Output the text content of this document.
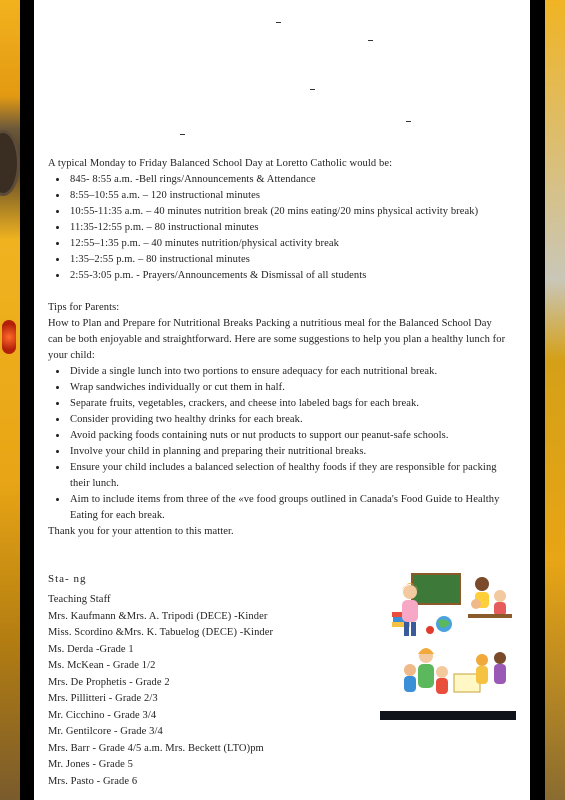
A typical Monday to Friday Balanced School Day at Loretto Catholic would be:

• 845- 8:55 a.m. -Bell rings/Announcements & Attendance
• 8:55–10:55 a.m. – 120 instructional minutes
• 10:55-11:35 a.m. – 40 minutes nutrition break (20 mins eating/20 mins physical activity break)
• 11:35-12:55 p.m. – 80 instructional minutes
• 12:55–1:35 p.m. – 40 minutes nutrition/physical activity break
• 1:35–2:55 p.m. – 80 instructional minutes
• 2:55-3:05 p.m. - Prayers/Announcements & Dismissal of all students

Tips for Parents:

How to Plan and Prepare for Nutritional Breaks Packing a nutritious meal for the Balanced School Day can be both enjoyable and straightforward. Here are some suggestions to help you plan a healthy lunch for your child:

• Divide a single lunch into two portions to ensure adequacy for each nutritional break.
• Wrap sandwiches individually or cut them in half.
• Separate fruits, vegetables, crackers, and cheese into labeled bags for each break.
• Consider providing two healthy drinks for each break.
• Avoid packing foods containing nuts or nut products to support our peanut-safe schools.
• Involve your child in planning and preparing their nutritional breaks.
• Ensure your child includes a balanced selection of healthy foods if they are responsible for packing their lunch.
• Aim to include items from three of the «ve food groups outlined in Canada's Food Guide to Healthy Eating for each break.

Thank you for your attention to this matter.

Sta‑ ng
Teaching Staff
Mrs. Kaufmann &Mrs. A. Tripodi (DECE) -Kinder
Miss. Scordino &Mrs. K. Tabuelog (DECE) -Kinder
Ms. Derda -Grade 1
Ms. McKean - Grade 1/2
Mrs. De Prophetis - Grade 2
Mrs. Pillitteri - Grade 2/3
Mr. Cicchino - Grade 3/4
Mr. Gentilcore - Grade 3/4
Mrs. Barr - Grade 4/5 a.m. Mrs. Beckett (LTO)pm
Mr. Jones - Grade 5
Mrs. Pasto - Grade 6
